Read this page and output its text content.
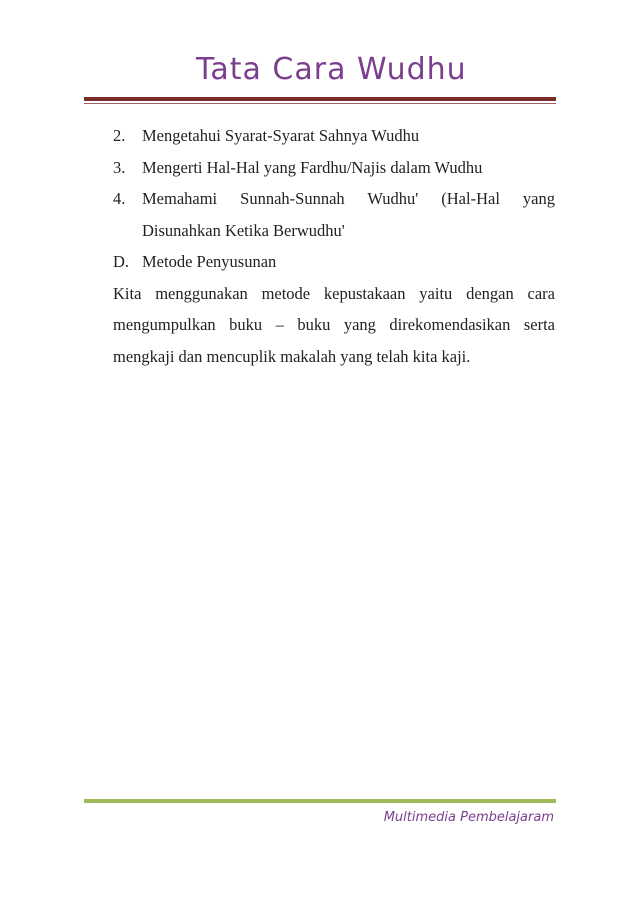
Tata Cara Wudhu
2.	Mengetahui Syarat-Syarat Sahnya Wudhu
3.	Mengerti Hal-Hal yang Fardhu/Najis dalam Wudhu
4.	Memahami Sunnah-Sunnah Wudhu' (Hal-Hal yang
Disunahkan Ketika Berwudhu'
D. Metode Penyusunan
Kita menggunakan metode kepustakaan yaitu dengan cara
mengumpulkan buku – buku yang direkomendasikan serta
mengkaji dan mencuplik makalah yang telah kita kaji.
Multimedia Pembelajaram
